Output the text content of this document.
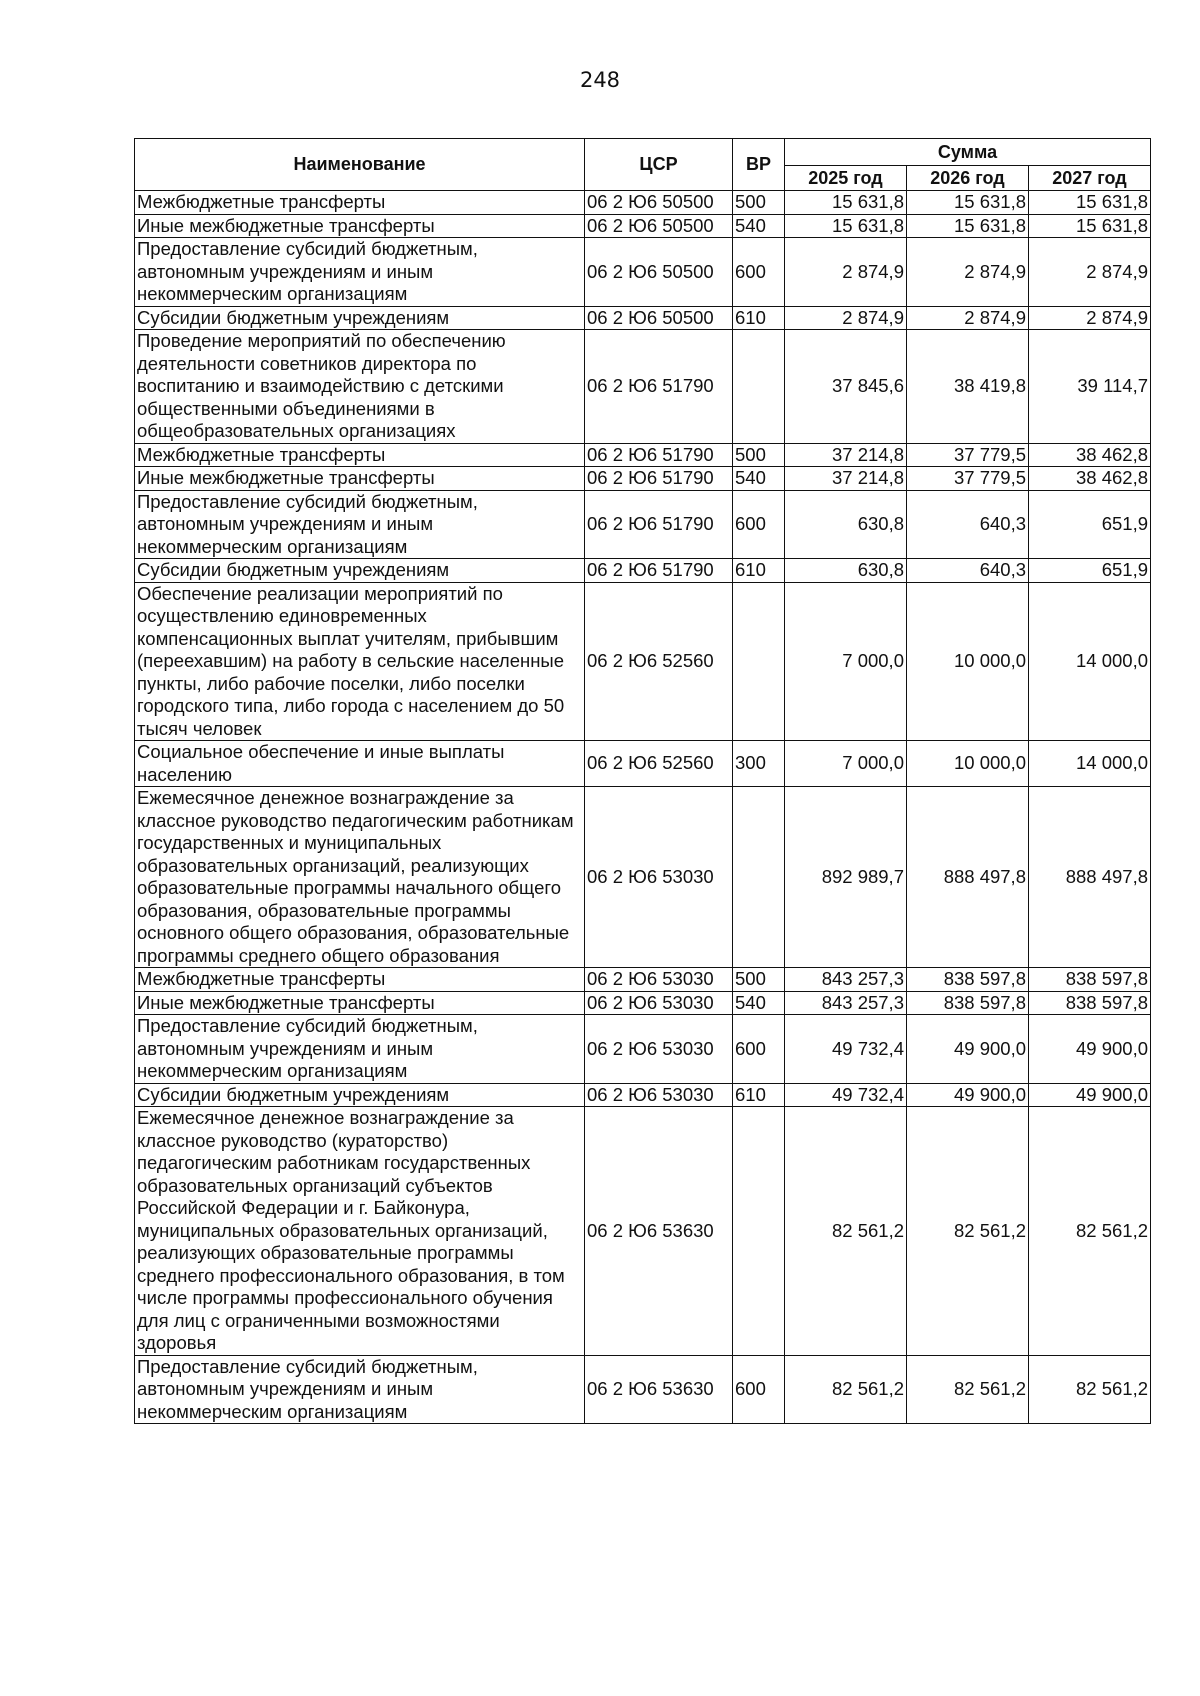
248
Наименование	ЦСР	ВР	Сумма		
			2025 год	2026 год	2027 год
Межбюджетные трансферты	06 2 Ю6 50500	500	15 631,8	15 631,8	15 631,8
Иные межбюджетные трансферты	06 2 Ю6 50500	540	15 631,8	15 631,8	15 631,8
Предоставление субсидий бюджетным, автономным учреждениям и иным некоммерческим организациям	06 2 Ю6 50500	600	2 874,9	2 874,9	2 874,9
Субсидии бюджетным учреждениям	06 2 Ю6 50500	610	2 874,9	2 874,9	2 874,9
Проведение мероприятий по обеспечению деятельности советников директора по воспитанию и взаимодействию с детскими общественными объединениями в общеобразовательных организациях	06 2 Ю6 51790		37 845,6	38 419,8	39 114,7
Межбюджетные трансферты	06 2 Ю6 51790	500	37 214,8	37 779,5	38 462,8
Иные межбюджетные трансферты	06 2 Ю6 51790	540	37 214,8	37 779,5	38 462,8
Предоставление субсидий бюджетным, автономным учреждениям и иным некоммерческим организациям	06 2 Ю6 51790	600	630,8	640,3	651,9
Субсидии бюджетным учреждениям	06 2 Ю6 51790	610	630,8	640,3	651,9
Обеспечение реализации мероприятий по осуществлению единовременных компенсационных выплат учителям, прибывшим (переехавшим) на работу в сельские населенные пункты, либо рабочие поселки, либо поселки городского типа, либо города с населением до 50 тысяч человек	06 2 Ю6 52560		7 000,0	10 000,0	14 000,0
Социальное обеспечение и иные выплаты населению	06 2 Ю6 52560	300	7 000,0	10 000,0	14 000,0
Ежемесячное денежное вознаграждение за классное руководство педагогическим работникам государственных и муниципальных образовательных организаций, реализующих образовательные программы начального общего образования, образовательные программы основного общего образования, образовательные программы среднего общего образования	06 2 Ю6 53030		892 989,7	888 497,8	888 497,8
Межбюджетные трансферты	06 2 Ю6 53030	500	843 257,3	838 597,8	838 597,8
Иные межбюджетные трансферты	06 2 Ю6 53030	540	843 257,3	838 597,8	838 597,8
Предоставление субсидий бюджетным, автономным учреждениям и иным некоммерческим организациям	06 2 Ю6 53030	600	49 732,4	49 900,0	49 900,0
Субсидии бюджетным учреждениям	06 2 Ю6 53030	610	49 732,4	49 900,0	49 900,0
Ежемесячное денежное вознаграждение за классное руководство (кураторство) педагогическим работникам государственных образовательных организаций субъектов Российской Федерации и г. Байконура, муниципальных образовательных организаций, реализующих образовательные программы среднего профессионального образования, в том числе программы профессионального обучения для лиц с ограниченными возможностями здоровья	06 2 Ю6 53630		82 561,2	82 561,2	82 561,2
Предоставление субсидий бюджетным, автономным учреждениям и иным некоммерческим организациям	06 2 Ю6 53630	600	82 561,2	82 561,2	82 561,2
